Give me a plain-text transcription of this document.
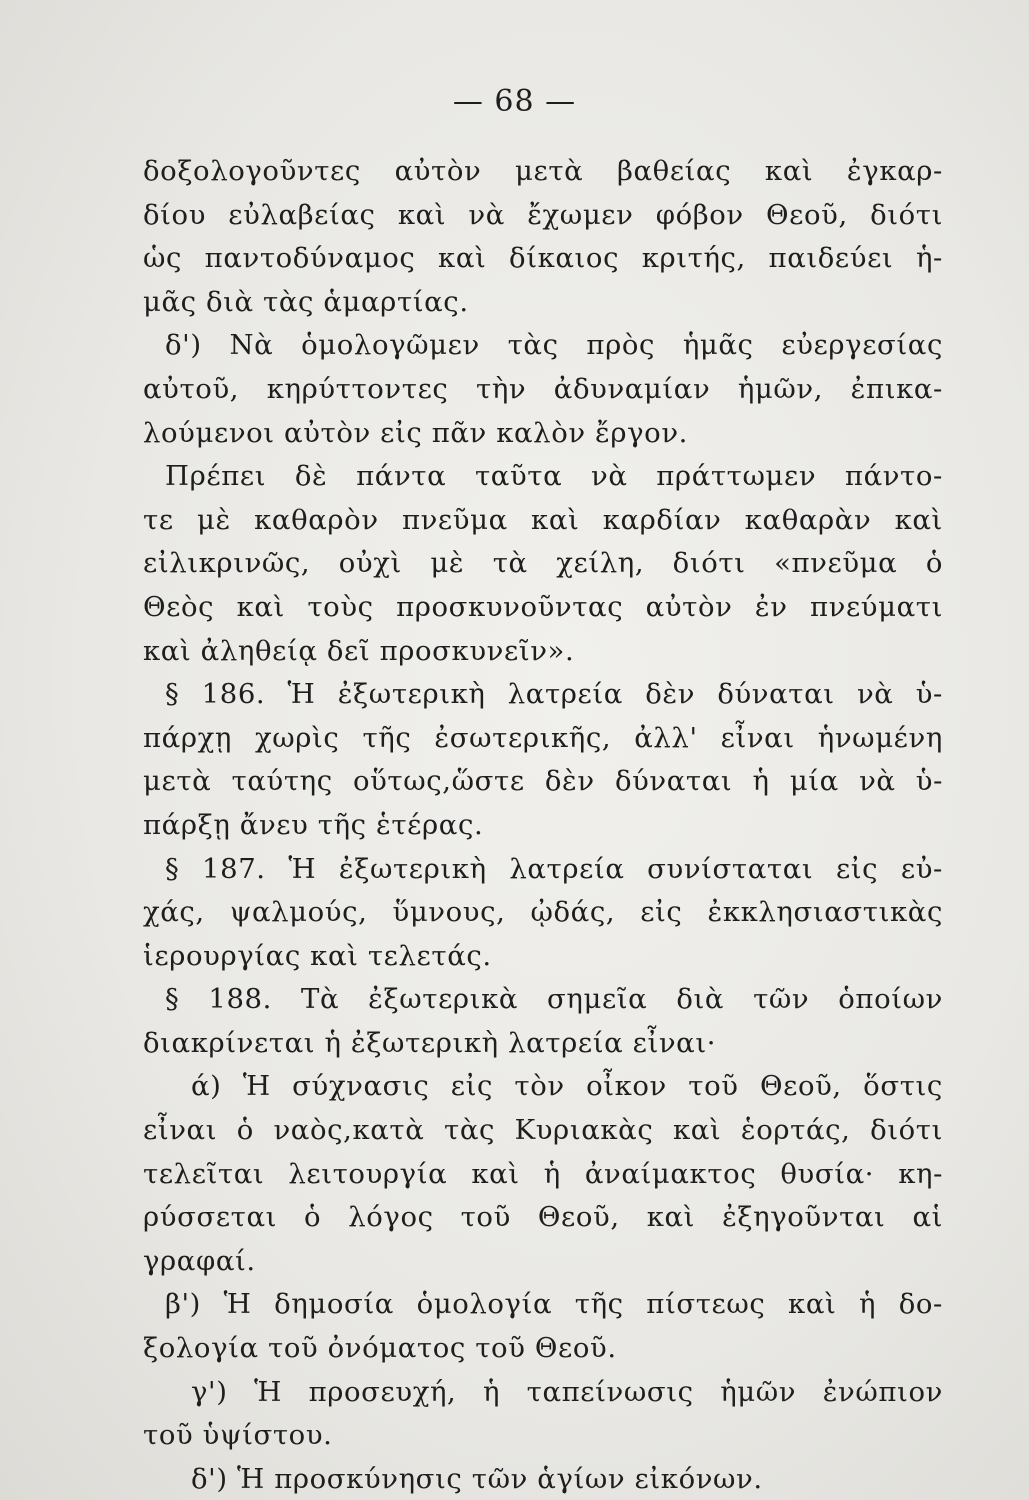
— 68 —
δοξολογοῦντες αὐτὸν μετὰ βαθείας καὶ ἐγκαρ-
δίου εὐλαβείας καὶ νὰ ἔχωμεν φόβον Θεοῦ, διότι
ὡς παντοδύναμος καὶ δίκαιος κριτής, παιδεύει ἡ-
μᾶς διὰ τὰς ἁμαρτίας.
δ') Νὰ ὁμολογῶμεν τὰς πρὸς ἡμᾶς εὐεργεσίας
αὐτοῦ, κηρύττοντες τὴν ἀδυναμίαν ἡμῶν, ἐπικα-
λούμενοι αὐτὸν εἰς πᾶν καλὸν ἔργον.
Πρέπει δὲ πάντα ταῦτα νὰ πράττωμεν πάντο-
τε μὲ καθαρὸν πνεῦμα καὶ καρδίαν καθαρὰν καὶ
εἰλικρινῶς, οὐχὶ μὲ τὰ χείλη, διότι «πνεῦμα ὁ
Θεὸς καὶ τοὺς προσκυνοῦντας αὐτὸν ἐν πνεύματι
καὶ ἀληθείᾳ δεῖ προσκυνεῖν».
§ 186. Ἡ ἐξωτερικὴ λατρεία δὲν δύναται νὰ ὑ-
πάρχῃ χωρὶς τῆς ἐσωτερικῆς, ἀλλ' εἶναι ἡνωμένη
μετὰ ταύτης οὕτως,ὥστε δὲν δύναται ἡ μία νὰ ὑ-
πάρξῃ ἄνευ τῆς ἑτέρας.
§ 187. Ἡ ἐξωτερικὴ λατρεία συνίσταται εἰς εὐ-
χάς, ψαλμούς, ὕμνους, ᾠδάς, εἰς ἐκκλησιαστικὰς
ἱερουργίας καὶ τελετάς.
§ 188. Τὰ ἐξωτερικὰ σημεῖα διὰ τῶν ὁποίων
διακρίνεται ἡ ἐξωτερικὴ λατρεία εἶναι·
ά) Ἡ σύχνασις εἰς τὸν οἶκον τοῦ Θεοῦ, ὅστις
εἶναι ὁ ναὸς,κατὰ τὰς Κυριακὰς καὶ ἑορτάς, διότι
τελεῖται λειτουργία καὶ ἡ ἀναίμακτος θυσία· κη-
ρύσσεται ὁ λόγος τοῦ Θεοῦ, καὶ ἐξηγοῦνται αἱ
γραφαί.
β') Ἡ δημοσία ὁμολογία τῆς πίστεως καὶ ἡ δο-
ξολογία τοῦ ὀνόματος τοῦ Θεοῦ.
γ') Ἡ προσευχή, ἡ ταπείνωσις ἡμῶν ἐνώπιον
τοῦ ὑψίστου.
δ') Ἡ προσκύνησις τῶν ἁγίων εἰκόνων.
